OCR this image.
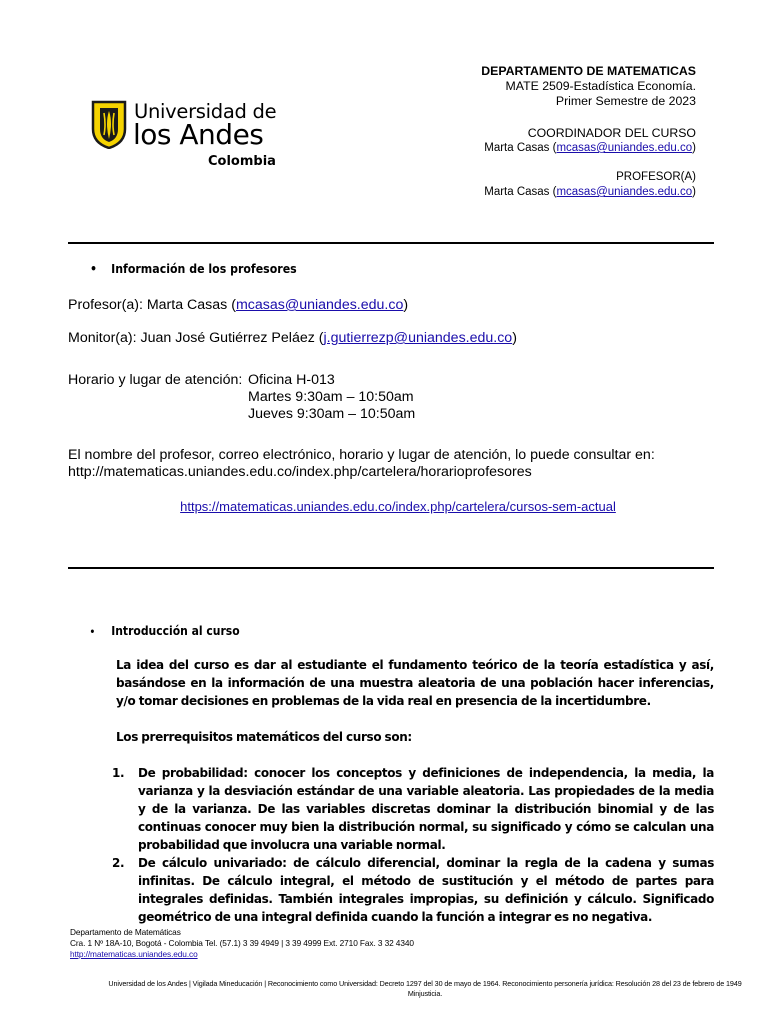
Universidad de
los Andes
Colombia
DEPARTAMENTO DE MATEMATICAS
MATE 2509-Estadística Economía.
Primer Semestre de 2023
COORDINADOR DEL CURSO
Marta Casas (mcasas@uniandes.edu.co)
PROFESOR(A)
Marta Casas (mcasas@uniandes.edu.co)
• Información de los profesores
Profesor(a): Marta Casas (mcasas@uniandes.edu.co)
Monitor(a): Juan José Gutiérrez Peláez (j.gutierrezp@uniandes.edu.co)
Horario y lugar de atención: Oficina H-013
Martes 9:30am – 10:50am
Jueves 9:30am – 10:50am
El nombre del profesor, correo electrónico, horario y lugar de atención, lo puede consultar en:
http://matematicas.uniandes.edu.co/index.php/cartelera/horarioprofesores
https://matematicas.uniandes.edu.co/index.php/cartelera/cursos-sem-actual
• Introducción al curso
La idea del curso es dar al estudiante el fundamento teórico de la teoría estadística y así, basándose en la información de una muestra aleatoria de una población hacer inferencias, y/o tomar decisiones en problemas de la vida real en presencia de la incertidumbre.
Los prerrequisitos matemáticos del curso son:
1. De probabilidad: conocer los conceptos y definiciones de independencia, la media, la varianza y la desviación estándar de una variable aleatoria. Las propiedades de la media y de la varianza. De las variables discretas dominar la distribución binomial y de las continuas conocer muy bien la distribución normal, su significado y cómo se calculan una probabilidad que involucra una variable normal.
2. De cálculo univariado: de cálculo diferencial, dominar la regla de la cadena y sumas infinitas. De cálculo integral, el método de sustitución y el método de partes para integrales definidas. También integrales impropias, su definición y cálculo. Significado geométrico de una integral definida cuando la función a integrar es no negativa.
Departamento de Matemáticas
Cra. 1 Nº 18A-10, Bogotá - Colombia Tel. (57.1) 3 39 4949 | 3 39 4999 Ext. 2710 Fax. 3 32 4340
http://matematicas.uniandes.edu.co
Universidad de los Andes | Vigilada Mineducación | Reconocimiento como Universidad: Decreto 1297 del 30 de mayo de 1964. Reconocimiento personería jurídica: Resolución 28 del 23 de febrero de 1949 Minjusticia.
